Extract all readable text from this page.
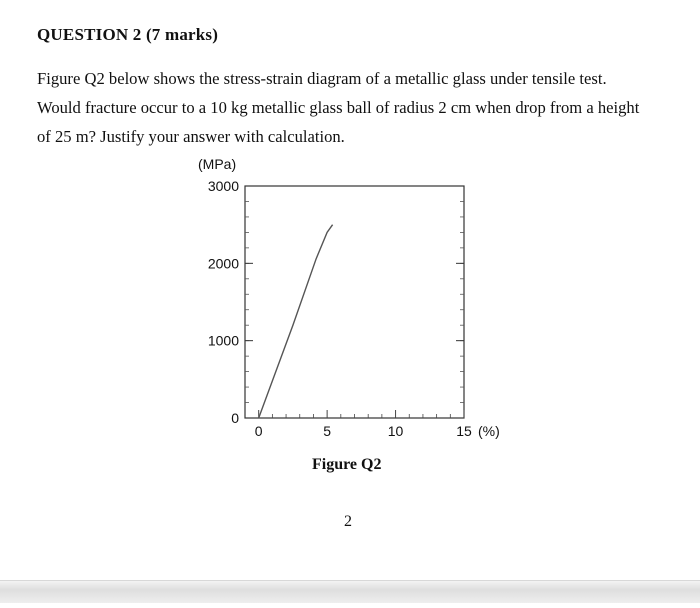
QUESTION 2 (7 marks)
Figure Q2 below shows the stress-strain diagram of a metallic glass under tensile test.
Would fracture occur to a 10 kg metallic glass ball of radius 2 cm when drop from a height
of 25 m? Justify your answer with calculation.
0
1000
2000
3000
0	5	10	15
(MPa)
(%)
Figure Q2
2
